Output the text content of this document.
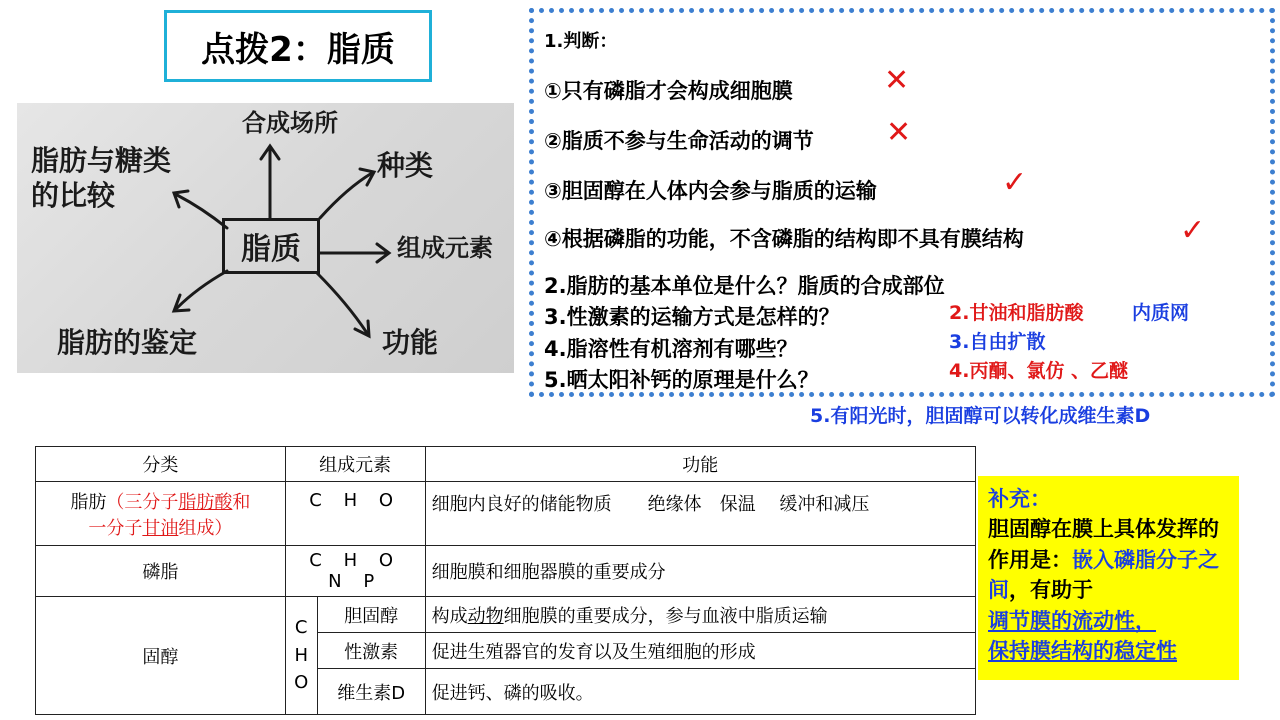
点拨2：脂质
脂质
脂肪与糖类的比较
合成场所
种类
组成元素
功能
脂肪的鉴定
1.判断：
①只有磷脂才会构成细胞膜	✕
②脂质不参与生命活动的调节 ✕
③胆固醇在人体内会参与脂质的运输	✓
④根据磷脂的功能，不含磷脂的结构即不具有膜结构	✓
2.脂肪的基本单位是什么？脂质的合成部位
3.性激素的运输方式是怎样的？
4.脂溶性有机溶剂有哪些？
5.晒太阳补钙的原理是什么？
2.甘油和脂肪酸	内质网
3.自由扩散
4.丙酮、氯仿 、乙醚
5.有阳光时，胆固醇可以转化成维生素D
分类	组成元素		功能
脂肪（三分子脂肪酸和
一分子甘油组成）	C H O		细胞内良好的储能物质　　绝缘体　保温　 缓冲和减压
磷脂	C H O N P		细胞膜和细胞器膜的重要成分
固醇	C
H
O	胆固醇	构成动物细胞膜的重要成分，参与血液中脂质运输
		性激素	促进生殖器官的发育以及生殖细胞的形成
		维生素D	促进钙、磷的吸收。
补充：
胆固醇在膜上具体发挥的作用是：嵌入磷脂分子之间，有助于
调节膜的流动性，
保持膜结构的稳定性
